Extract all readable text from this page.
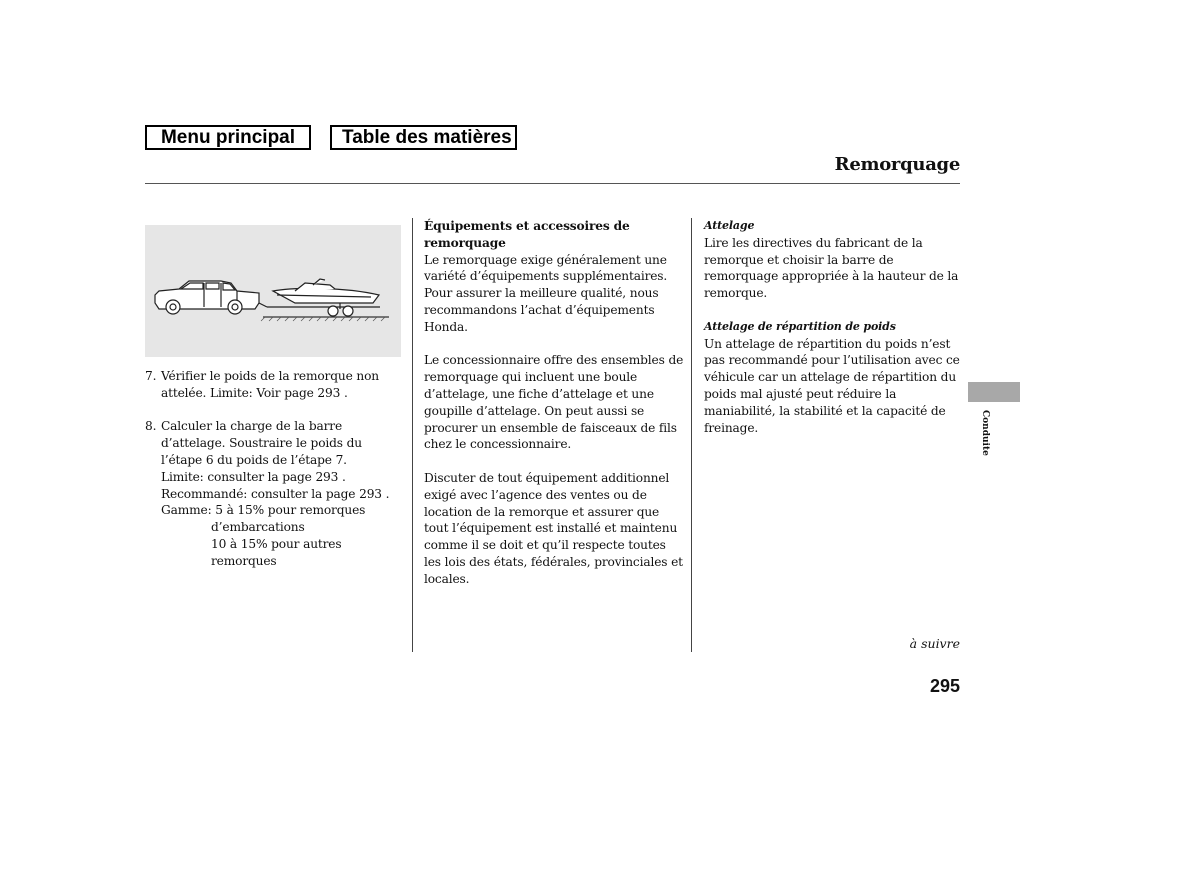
Menu principal	Table des matières
Remorquage
7. Vérifier le poids de la remorque non attelée. Limite: Voir page 293 .
8. Calculer la charge de la barre d’attelage. Soustraire le poids du l’étape 6 du poids de l’étape 7.

Limite: consulter la page 293 .

Recommandé: consulter la page 293 .

Gamme: 5 à 15% pour remorques

d’embarcations

10 à 15% pour autres remorques

Équipements et accessoires de remorquage

Le remorquage exige généralement une variété d’équipements supplémentaires. Pour assurer la meilleure qualité, nous recommandons l’achat d’équipements Honda.

Le concessionnaire offre des ensembles de remorquage qui incluent une boule d’attelage, une fiche d’attelage et une goupille d’attelage. On peut aussi se procurer un ensemble de faisceaux de fils chez le concessionnaire.

Discuter de tout équipement additionnel exigé avec l’agence des ventes ou de location de la remorque et assurer que tout l’équipement est installé et maintenu comme il se doit et qu’il respecte toutes les lois des états, fédérales, provinciales et locales.

Attelage

Lire les directives du fabricant de la remorque et choisir la barre de remorquage appropriée à la hauteur de la remorque.

Attelage de répartition de poids

Un attelage de répartition du poids n’est pas recommandé pour l’utilisation avec ce véhicule car un attelage de répartition du poids mal ajusté peut réduire la maniabilité, la stabilité et la capacité de freinage.	Conduite
à suivre
295
